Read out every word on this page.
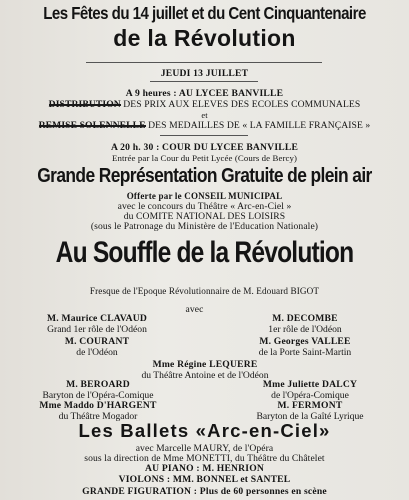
Les Fêtes du 14 juillet et du Cent Cinquantenaire
de la Révolution
JEUDI 13 JUILLET
A 9 heures : AU LYCEE BANVILLE
DISTRIBUTION DES PRIX AUX ELEVES DES ECOLES COMMUNALES
et
REMISE SOLENNELLE DES MEDAILLES DE « LA FAMILLE FRANÇAISE »
A 20 h. 30 : COUR DU LYCEE BANVILLE
Entrée par la Cour du Petit Lycée (Cours de Bercy)
Grande Représentation Gratuite de plein air
Offerte par le CONSEIL MUNICIPAL
avec le concours du Théâtre « Arc-en-Ciel »
du COMITE NATIONAL DES LOISIRS
(sous le Patronage du Ministère de l'Education Nationale)
Au Souffle de la Révolution
Fresque de l'Epoque Révolutionnaire de M. Edouard BIGOT
avec
M. Maurice CLAVAUD
Grand 1er rôle de l'Odéon
M. COURANT
de l'Odéon
M. DECOMBE
1er rôle de l'Odéon
M. Georges VALLEE
de la Porte Saint-Martin
Mme Régine LEQUERE
du Théâtre Antoine et de l'Odéon
M. BEROARD
Baryton de l'Opéra-Comique
Mme Maddo D'HARGENT
du Théâtre Mogador
Mme Juliette DALCY
de l'Opéra-Comique
M. FERMONT
Baryton de la Gaîté Lyrique
Les Ballets «Arc-en-Ciel»
avec Marcelle MAURY, de l'Opéra
sous la direction de Mme MONETTI, du Théâtre du Châtelet
AU PIANO : M. HENRION
VIOLONS : MM. BONNEL et SANTEL
GRANDE FIGURATION : Plus de 60 personnes en scène
